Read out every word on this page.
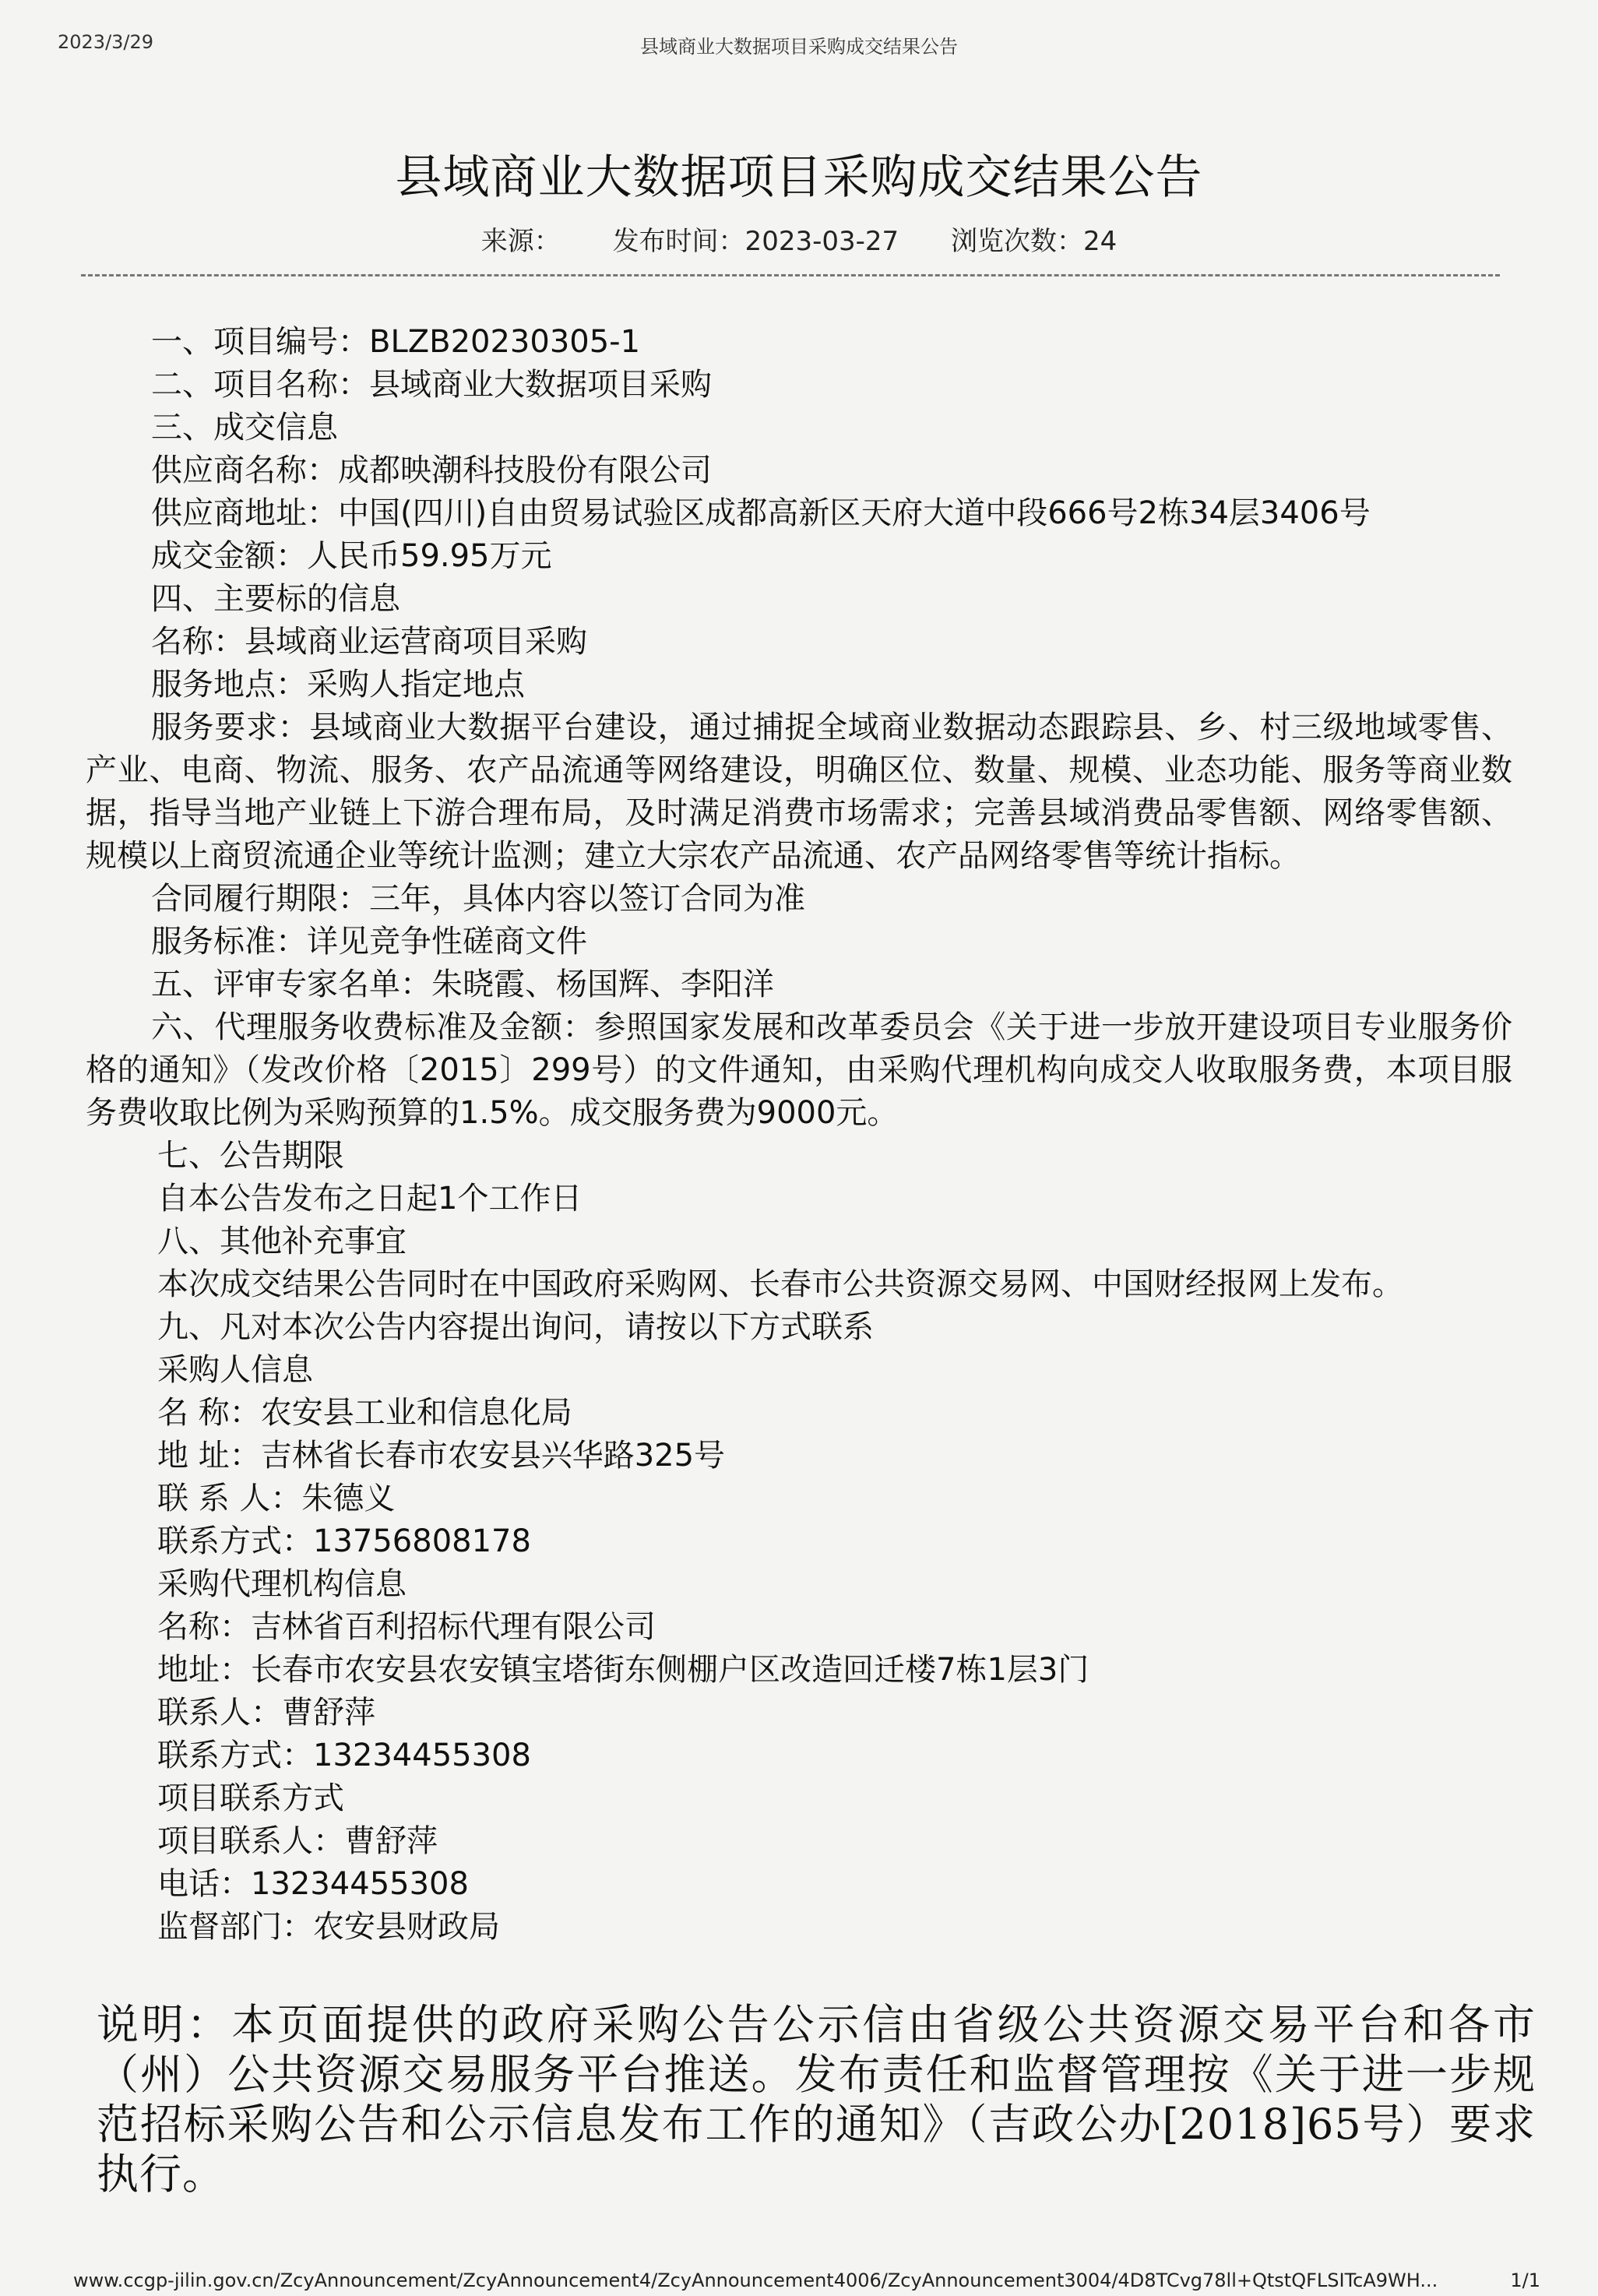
2023/3/29	县域商业大数据项目采购成交结果公告
县域商业大数据项目采购成交结果公告
来源： 发布时间：2023-03-27 浏览次数：24

一、项目编号：BLZB20230305-1

二、项目名称：县域商业大数据项目采购

三、成交信息

供应商名称：成都映潮科技股份有限公司

供应商地址：中国(四川)自由贸易试验区成都高新区天府大道中段666号2栋34层3406号

成交金额：人民币59.95万元

四、主要标的信息

名称：县域商业运营商项目采购

服务地点：采购人指定地点

服务要求：县域商业大数据平台建设，通过捕捉全域商业数据动态跟踪县、乡、村三级地域零售、产业、电商、物流、服务、农产品流通等网络建设，明确区位、数量、规模、业态功能、服务等商业数据，指导当地产业链上下游合理布局，及时满足消费市场需求；完善县域消费品零售额、网络零售额、规模以上商贸流通企业等统计监测；建立大宗农产品流通、农产品网络零售等统计指标。

合同履行期限：三年，具体内容以签订合同为准

服务标准：详见竞争性磋商文件

五、评审专家名单：朱晓霞、杨国辉、李阳洋

六、代理服务收费标准及金额：参照国家发展和改革委员会《关于进一步放开建设项目专业服务价格的通知》（发改价格〔2015〕299号）的文件通知，由采购代理机构向成交人收取服务费，本项目服务费收取比例为采购预算的1.5%。成交服务费为9000元。

七、公告期限

自本公告发布之日起1个工作日

八、其他补充事宜

本次成交结果公告同时在中国政府采购网、长春市公共资源交易网、中国财经报网上发布。

九、凡对本次公告内容提出询问，请按以下方式联系

采购人信息

名 称：农安县工业和信息化局

地 址：吉林省长春市农安县兴华路325号

联 系 人：朱德义

联系方式：13756808178

采购代理机构信息

名称：吉林省百利招标代理有限公司

地址：长春市农安县农安镇宝塔街东侧棚户区改造回迁楼7栋1层3门

联系人：曹舒萍

联系方式：13234455308

项目联系方式

项目联系人：曹舒萍

电话：13234455308

监督部门：农安县财政局

说明：本页面提供的政府采购公告公示信由省级公共资源交易平台和各市（州）公共资源交易服务平台推送。发布责任和监督管理按《关于进一步规范招标采购公告和公示信息发布工作的通知》（吉政公办[2018]65号）要求执行。
www.ccgp-jilin.gov.cn/ZcyAnnouncement/ZcyAnnouncement4/ZcyAnnouncement4006/ZcyAnnouncement3004/4D8TCvg78ll+QtstQFLSITcA9WH...	1/1
